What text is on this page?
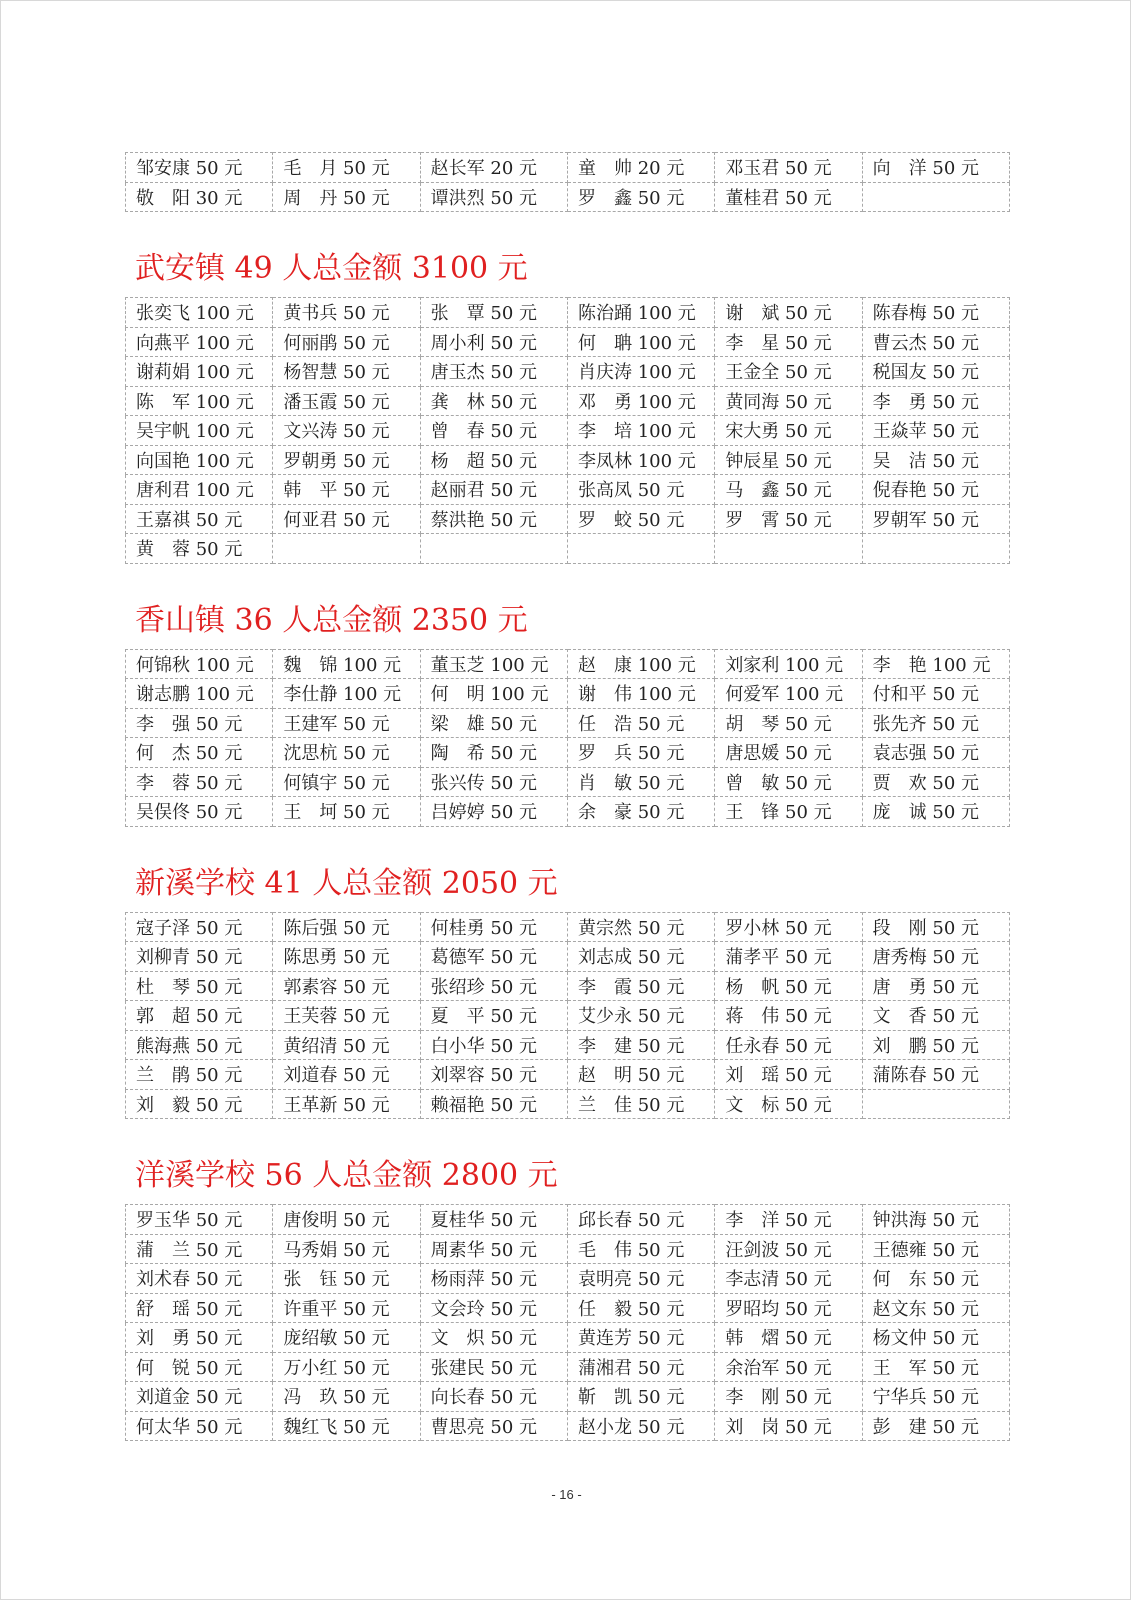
邹安康 50 元	毛　月 50 元	赵长军 20 元	童　帅 20 元	邓玉君 50 元	向　洋 50 元
敬　阳 30 元	周　丹 50 元	谭洪烈 50 元	罗　鑫 50 元	董桂君 50 元	
武安镇 49 人总金额 3100 元
张奕飞 100 元	黄书兵 50 元	张　覃 50 元	陈治踊 100 元	谢　斌 50 元	陈春梅 50 元
向燕平 100 元	何丽鹃 50 元	周小利 50 元	何　聃 100 元	李　星 50 元	曹云杰 50 元
谢莉娟 100 元	杨智慧 50 元	唐玉杰 50 元	肖庆涛 100 元	王金全 50 元	税国友 50 元
陈　军 100 元	潘玉霞 50 元	龚　林 50 元	邓　勇 100 元	黄同海 50 元	李　勇 50 元
吴宇帆 100 元	文兴涛 50 元	曾　春 50 元	李　培 100 元	宋大勇 50 元	王焱苹 50 元
向国艳 100 元	罗朝勇 50 元	杨　超 50 元	李凤林 100 元	钟辰星 50 元	吴　洁 50 元
唐利君 100 元	韩　平 50 元	赵丽君 50 元	张高凤 50 元	马　鑫 50 元	倪春艳 50 元
王嘉祺 50 元	何亚君 50 元	蔡洪艳 50 元	罗　蛟 50 元	罗　霄 50 元	罗朝军 50 元
黄　蓉 50 元					
香山镇 36 人总金额 2350 元
何锦秋 100 元	魏　锦 100 元	董玉芝 100 元	赵　康 100 元	刘家利 100 元	李　艳 100 元
谢志鹏 100 元	李仕静 100 元	何　明 100 元	谢　伟 100 元	何爱军 100 元	付和平 50 元
李　强 50 元	王建军 50 元	梁　雄 50 元	任　浩 50 元	胡　琴 50 元	张先齐 50 元
何　杰 50 元	沈思杭 50 元	陶　希 50 元	罗　兵 50 元	唐思媛 50 元	袁志强 50 元
李　蓉 50 元	何镇宇 50 元	张兴传 50 元	肖　敏 50 元	曾　敏 50 元	贾　欢 50 元
吴俣佟 50 元	王　坷 50 元	吕婷婷 50 元	余　豪 50 元	王　锋 50 元	庞　诚 50 元
新溪学校 41 人总金额 2050 元
寇子泽 50 元	陈后强 50 元	何桂勇 50 元	黄宗然 50 元	罗小林 50 元	段　刚 50 元
刘柳青 50 元	陈思勇 50 元	葛德军 50 元	刘志成 50 元	蒲孝平 50 元	唐秀梅 50 元
杜　琴 50 元	郭素容 50 元	张绍珍 50 元	李　霞 50 元	杨　帆 50 元	唐　勇 50 元
郭　超 50 元	王芙蓉 50 元	夏　平 50 元	艾少永 50 元	蒋　伟 50 元	文　香 50 元
熊海燕 50 元	黄绍清 50 元	白小华 50 元	李　建 50 元	任永春 50 元	刘　鹏 50 元
兰　鹃 50 元	刘道春 50 元	刘翠容 50 元	赵　明 50 元	刘　瑶 50 元	蒲陈春 50 元
刘　毅 50 元	王革新 50 元	赖福艳 50 元	兰　佳 50 元	文　标 50 元	
洋溪学校 56 人总金额 2800 元
罗玉华 50 元	唐俊明 50 元	夏桂华 50 元	邱长春 50 元	李　洋 50 元	钟洪海 50 元
蒲　兰 50 元	马秀娟 50 元	周素华 50 元	毛　伟 50 元	汪剑波 50 元	王德雍 50 元
刘术春 50 元	张　钰 50 元	杨雨萍 50 元	袁明亮 50 元	李志清 50 元	何　东 50 元
舒　瑶 50 元	许重平 50 元	文会玲 50 元	任　毅 50 元	罗昭均 50 元	赵文东 50 元
刘　勇 50 元	庞绍敏 50 元	文　炽 50 元	黄连芳 50 元	韩　熠 50 元	杨文仲 50 元
何　锐 50 元	万小红 50 元	张建民 50 元	蒲湘君 50 元	余治军 50 元	王　军 50 元
刘道金 50 元	冯　玖 50 元	向长春 50 元	靳　凯 50 元	李　刚 50 元	宁华兵 50 元
何太华 50 元	魏红飞 50 元	曹思亮 50 元	赵小龙 50 元	刘　岗 50 元	彭　建 50 元
- 16 -
